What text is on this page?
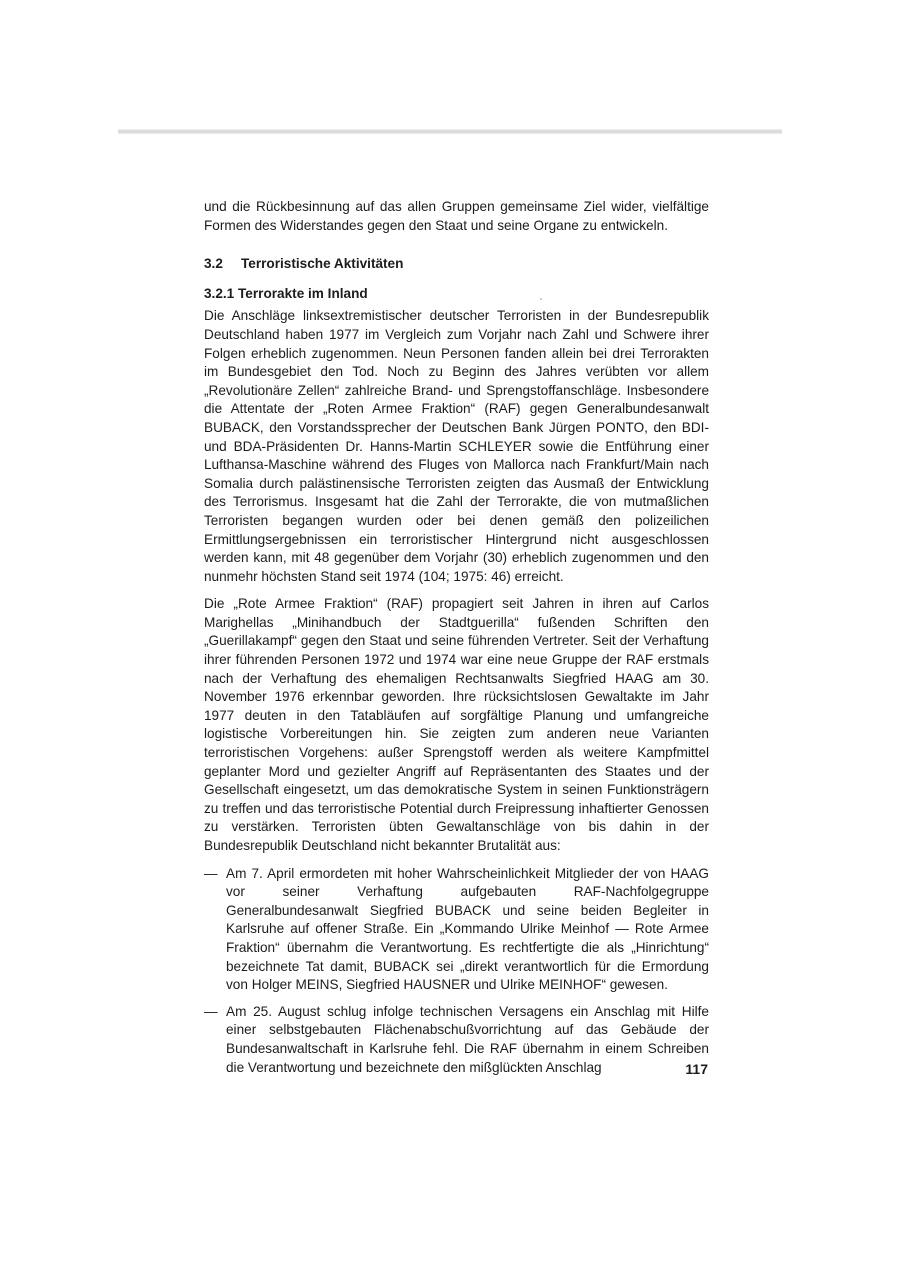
und die Rückbesinnung auf das allen Gruppen gemeinsame Ziel wider, vielfältige Formen des Widerstandes gegen den Staat und seine Organe zu entwickeln.

3.2 Terroristische Aktivitäten
3.2.1 Terrorakte im Inland

Die Anschläge linksextremistischer deutscher Terroristen in der Bundesrepublik Deutschland haben 1977 im Vergleich zum Vorjahr nach Zahl und Schwere ihrer Folgen erheblich zugenommen. Neun Personen fanden allein bei drei Terrorakten im Bundesgebiet den Tod. Noch zu Beginn des Jahres verübten vor allem „Revolutionäre Zellen“ zahlreiche Brand- und Sprengstoffanschläge. Insbesondere die Attentate der „Roten Armee Fraktion“ (RAF) gegen Generalbundesanwalt BUBACK, den Vorstandssprecher der Deutschen Bank Jürgen PONTO, den BDI- und BDA-Präsidenten Dr. Hanns-Martin SCHLEYER sowie die Entführung einer Lufthansa-Maschine während des Fluges von Mallorca nach Frankfurt/Main nach Somalia durch palästinensische Terroristen zeigten das Ausmaß der Entwicklung des Terrorismus. Insgesamt hat die Zahl der Terrorakte, die von mutmaßlichen Terroristen begangen wurden oder bei denen gemäß den polizeilichen Ermittlungsergebnissen ein terroristischer Hintergrund nicht ausgeschlossen werden kann, mit 48 gegenüber dem Vorjahr (30) erheblich zugenommen und den nunmehr höchsten Stand seit 1974 (104; 1975: 46) erreicht.

Die „Rote Armee Fraktion“ (RAF) propagiert seit Jahren in ihren auf Carlos Marighellas „Minihandbuch der Stadtguerilla“ fußenden Schriften den „Guerillakampf“ gegen den Staat und seine führenden Vertreter. Seit der Verhaftung ihrer führenden Personen 1972 und 1974 war eine neue Gruppe der RAF erstmals nach der Verhaftung des ehemaligen Rechtsanwalts Siegfried HAAG am 30. November 1976 erkennbar geworden. Ihre rücksichtslosen Gewaltakte im Jahr 1977 deuten in den Tatabläufen auf sorgfältige Planung und umfangreiche logistische Vorbereitungen hin. Sie zeigten zum anderen neue Varianten terroristischen Vorgehens: außer Sprengstoff werden als weitere Kampfmittel geplanter Mord und gezielter Angriff auf Repräsentanten des Staates und der Gesellschaft eingesetzt, um das demokratische System in seinen Funktionsträgern zu treffen und das terroristische Potential durch Freipressung inhaftierter Genossen zu verstärken. Terroristen übten Gewaltanschläge von bis dahin in der Bundesrepublik Deutschland nicht bekannter Brutalität aus:

— Am 7. April ermordeten mit hoher Wahrscheinlichkeit Mitglieder der von HAAG vor seiner Verhaftung aufgebauten RAF-Nachfolgegruppe Generalbundesanwalt Siegfried BUBACK und seine beiden Begleiter in Karlsruhe auf offener Straße. Ein „Kommando Ulrike Meinhof — Rote Armee Fraktion“ übernahm die Verantwortung. Es rechtfertigte die als „Hinrichtung“ bezeichnete Tat damit, BUBACK sei „direkt verantwortlich für die Ermordung von Holger MEINS, Siegfried HAUSNER und Ulrike MEINHOF“ gewesen.
— Am 25. August schlug infolge technischen Versagens ein Anschlag mit Hilfe einer selbstgebauten Flächenabschußvorrichtung auf das Gebäude der Bundesanwaltschaft in Karlsruhe fehl. Die RAF übernahm in einem Schreiben die Verantwortung und bezeichnete den mißglückten Anschlag	117
